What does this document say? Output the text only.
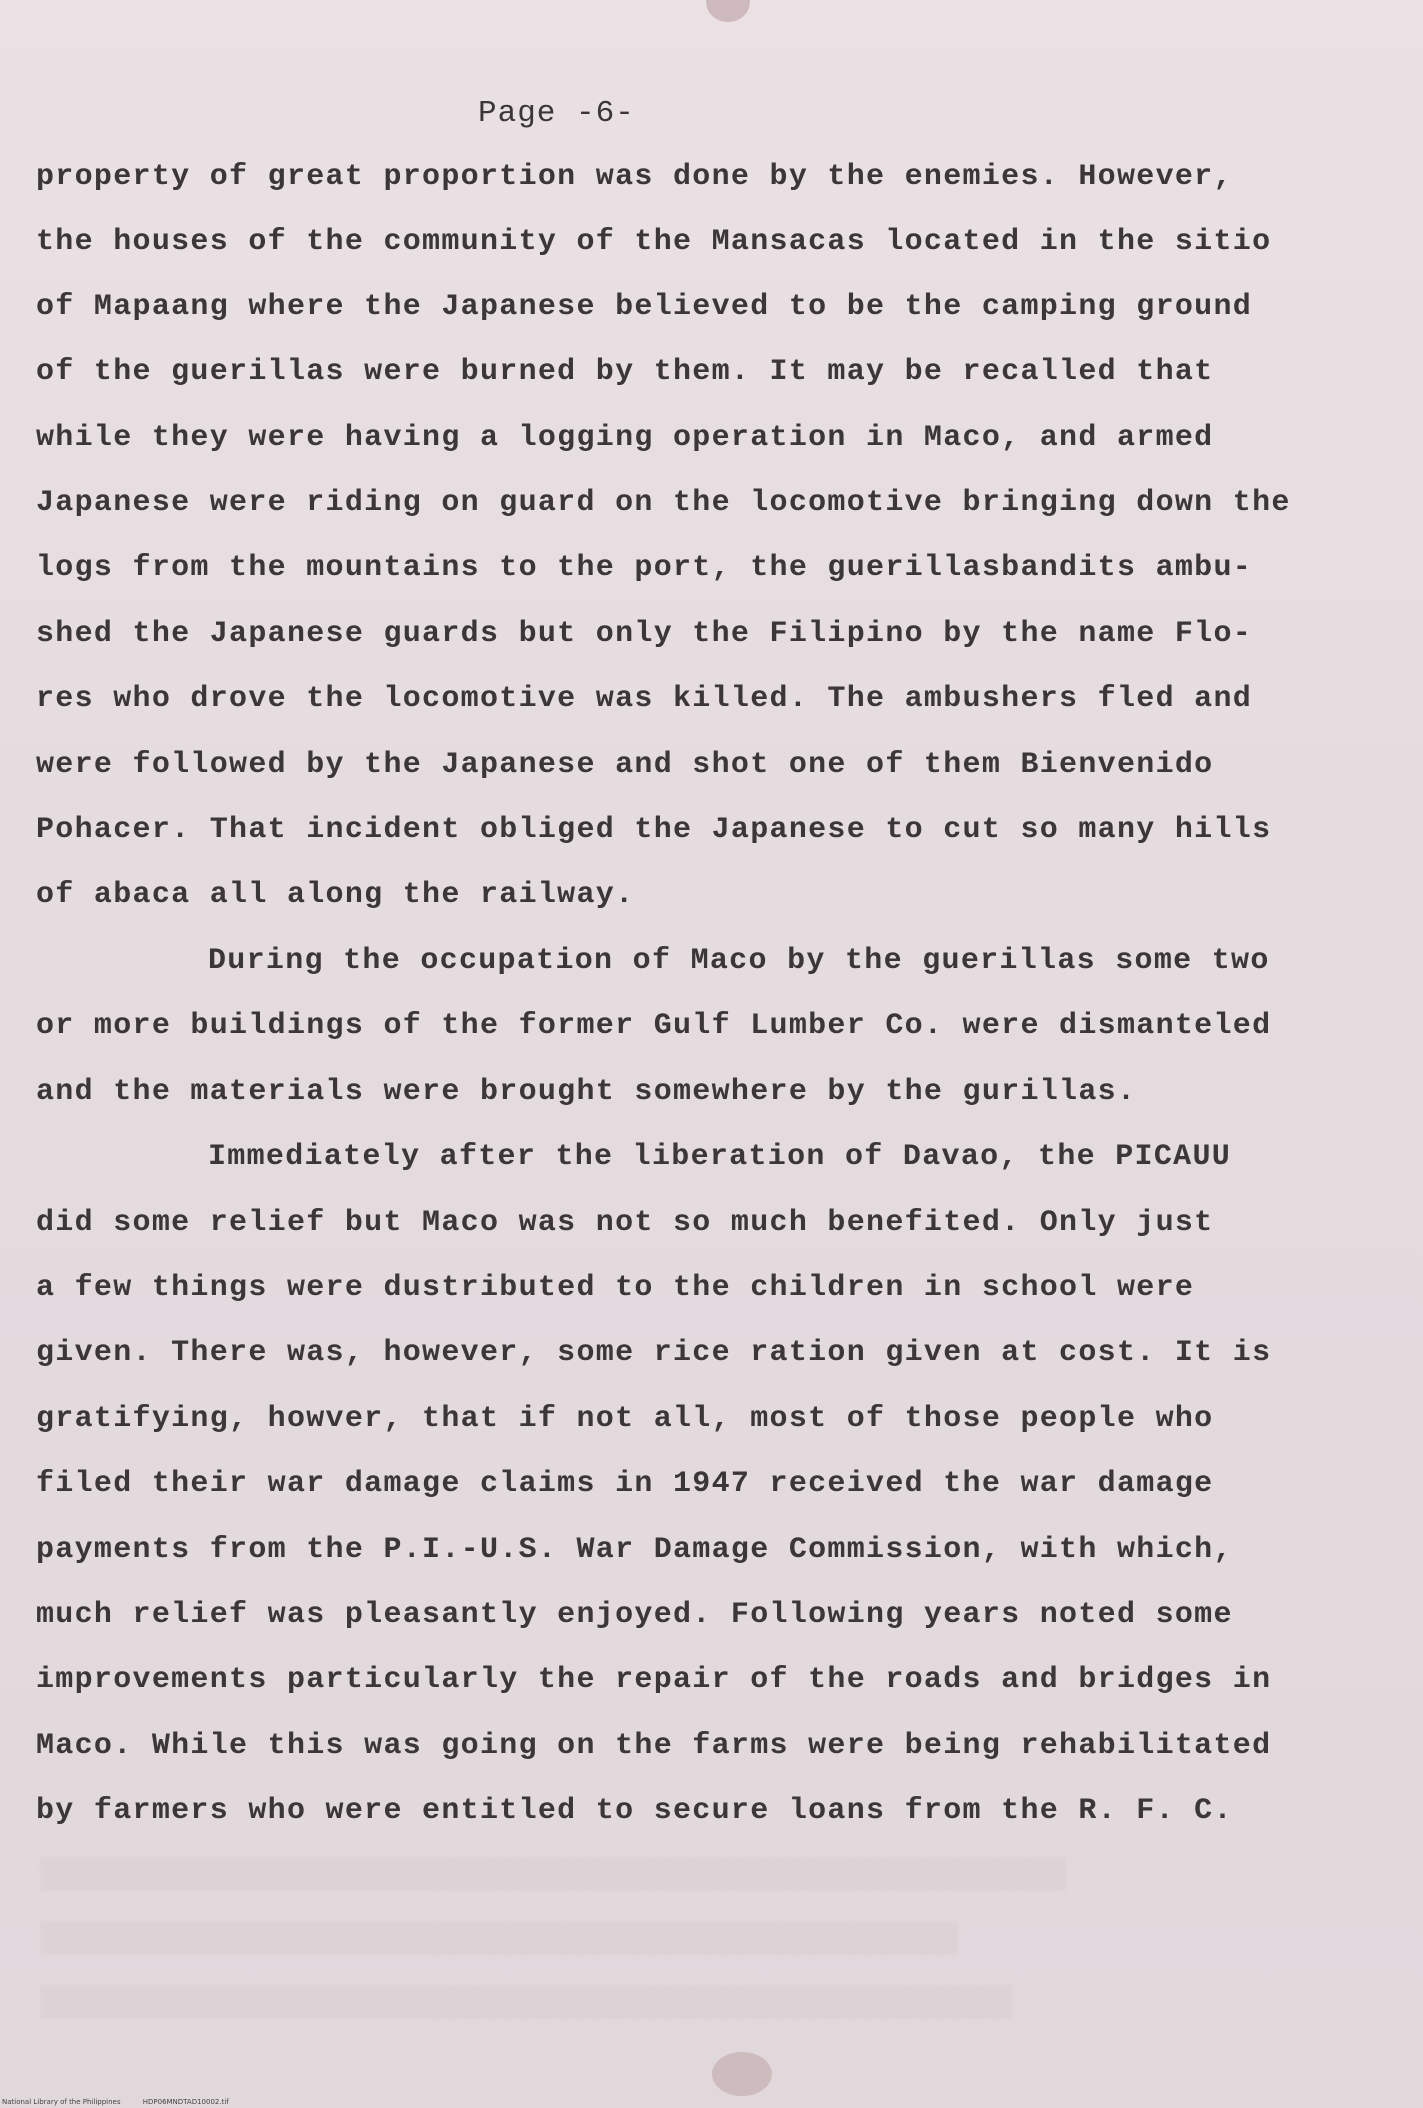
Page -6-
property of great proportion was done by the enemies. However,
the houses of the community of the Mansacas located in the sitio
of Mapaang where the Japanese believed to be the camping ground
of the guerillas were burned by them. It may be recalled that
while they were having a logging operation in Maco, and armed
Japanese were riding on guard on the locomotive bringing down the
logs from the mountains to the port, the guerillasbandits ambu-
shed the Japanese guards but only the Filipino by the name Flo-
res who drove the locomotive was killed. The ambushers fled and
were followed by the Japanese and shot one of them Bienvenido
Pohacer. That incident obliged the Japanese to cut so many hills
of abaca all along the railway.
During the occupation of Maco by the guerillas some two
or more buildings of the former Gulf Lumber Co. were dismanteled
and the materials were brought somewhere by the gurillas.
Immediately after the liberation of Davao, the PICAUU
did some relief but Maco was not so much benefited. Only just
a few things were dustributed to the children in school were
given. There was, however, some rice ration given at cost. It is
gratifying, howver, that if not all, most of those people who
filed their war damage claims in 1947 received the war damage
payments from the P.I.-U.S. War Damage Commission, with which,
much relief was pleasantly enjoyed. Following years noted some
improvements particularly the repair of the roads and bridges in
Maco. While this was going on the farms were being rehabilitated
by farmers who were entitled to secure loans from the R. F. C.
█████████████████████████████████████████████████████████
███████████████████████████████████████████████████
██████████████████████████████████████████████████████
National Library of the Philippines	HDP06MNDTAD10002.tif
